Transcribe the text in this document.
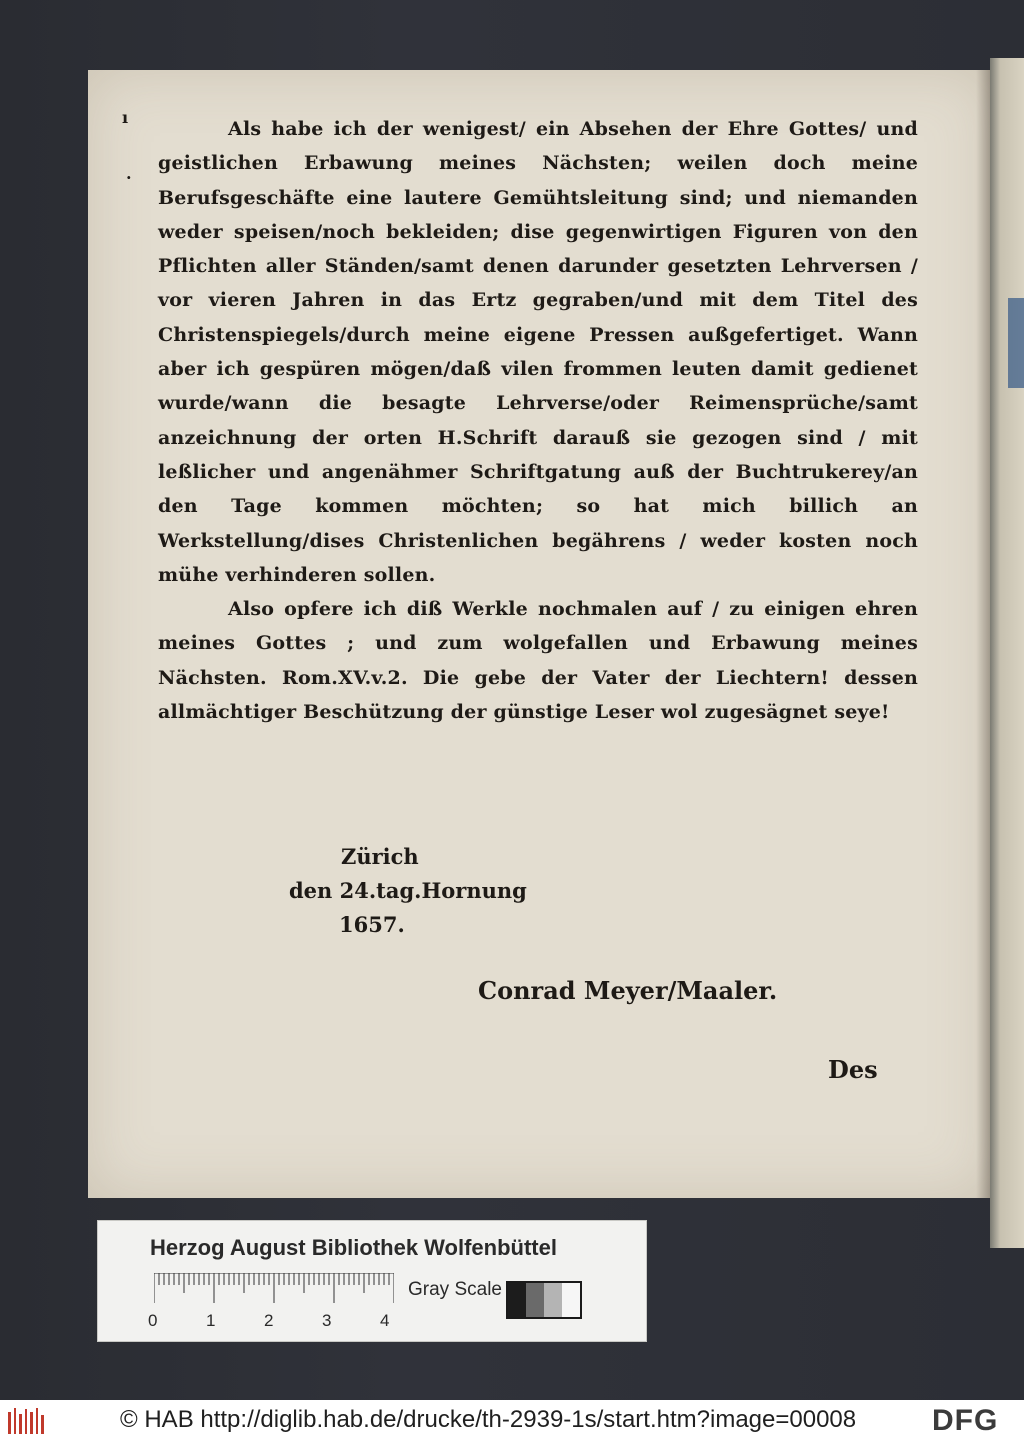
ı
·

Als habe ich der wenigest/ ein Absehen der Ehre Gottes/ und geistlichen Erbawung meines Nächsten; weilen doch meine Berufsgeschäfte eine lautere Gemühtsleitung sind; und niemanden weder speisen/noch bekleiden; dise gegenwirtigen Figuren von den Pflichten aller Ständen/samt denen darunder gesetzten Lehrversen / vor vieren Jahren in das Ertz gegraben/und mit dem Titel des Christenspiegels/durch meine eigene Pressen außgefertiget. Wann aber ich gespüren mögen/daß vilen frommen leuten damit gedienet wurde/wann die besagte Lehrverse/oder Reimensprüche/samt anzeichnung der orten H.Schrift darauß sie gezogen sind / mit leßlicher und angenähmer Schriftgatung auß der Buchtrukerey/an den Tage kommen möchten; so hat mich billich an Werkstellung/dises Christenlichen begährens / weder kosten noch mühe verhinderen sollen.

Also opfere ich diß Werkle nochmalen auf / zu einigen ehren meines Gottes ; und zum wolgefallen und Erbawung meines Nächsten. Rom.XV.v.2. Die gebe der Vater der Liechtern! dessen allmächtiger Beschützung der günstige Leser wol zugesägnet seye!

Zürich
den 24.tag.Hornung
1657.
Conrad Meyer/Maaler.
Des
Herzog August Bibliothek Wolfenbüttel
0	1	2	3	4
Gray Scale
© HAB http://diglib.hab.de/drucke/th-2939-1s/start.htm?image=00008	DFG
